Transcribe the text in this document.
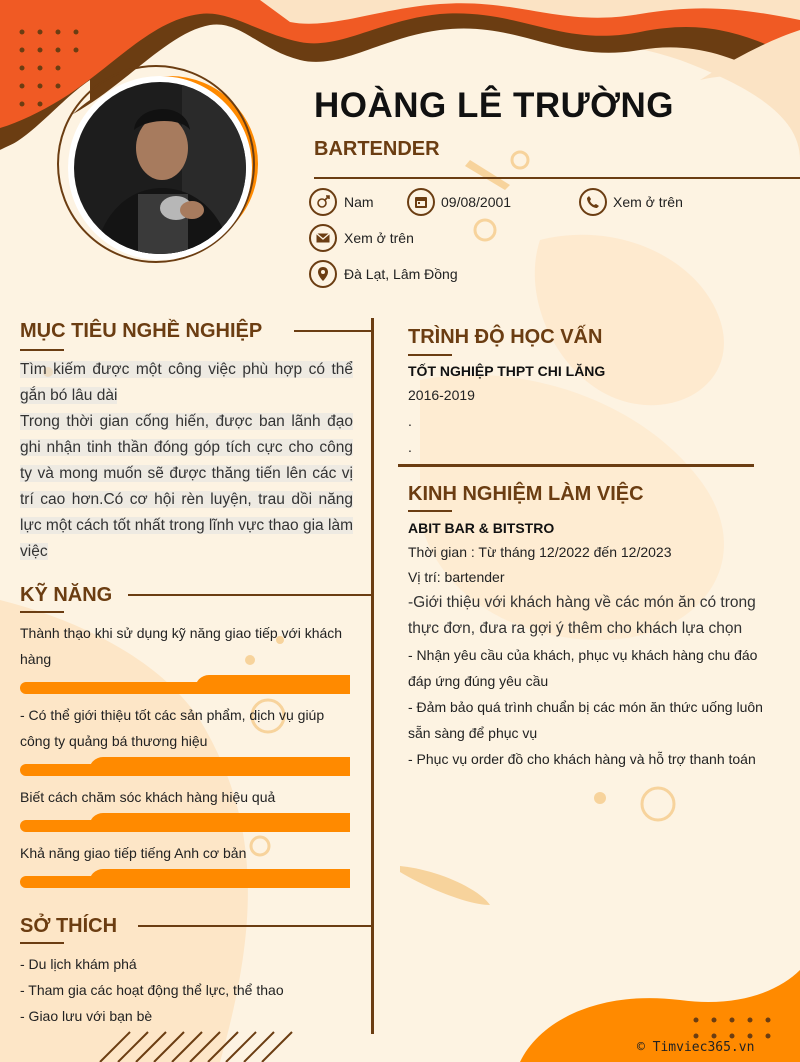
HOÀNG LÊ TRƯỜNG
BARTENDER
Nam	09/08/2001	Xem ở trên
Xem ở trên
Đà Lạt, Lâm Đồng
MỤC TIÊU NGHỀ NGHIỆP
Tìm kiếm được một công việc phù hợp có thể gắn bó lâu dài
Trong thời gian cống hiến, được ban lãnh đạo ghi nhận tinh thần đóng góp tích cực cho công ty và mong muốn sẽ được thăng tiến lên các vị trí cao hơn.Có cơ hội rèn luyện, trau dồi năng lực một cách tốt nhất trong lĩnh vực thao gia làm việc
KỸ NĂNG
Thành thạo khi sử dụng kỹ năng giao tiếp với khách hàng
- Có thể giới thiệu tốt các sản phẩm, dịch vụ giúp công ty quảng bá thương hiệu
Biết cách chăm sóc khách hàng hiệu quả
Khả năng giao tiếp tiếng Anh cơ bản
SỞ THÍCH
- Du lịch khám phá
- Tham gia các hoạt động thể lực, thể thao
- Giao lưu với bạn bè
TRÌNH ĐỘ HỌC VẤN
TỐT NGHIỆP THPT CHI LĂNG
2016-2019
.
.
KINH NGHIỆM LÀM VIỆC
ABIT BAR & BITSTRO
Thời gian : Từ tháng 12/2022 đến 12/2023
Vị trí: bartender
-Giới thiệu với khách hàng về các món ăn có trong thực đơn, đưa ra gợi ý thêm cho khách lựa chọn
- Nhận yêu cầu của khách, phục vụ khách hàng chu đáo đáp ứng đúng yêu cầu
- Đảm bảo quá trình chuẩn bị các món ăn thức uống luôn sẵn sàng để phục vụ
- Phục vụ order đồ cho khách hàng và hỗ trợ thanh toán
© Timviec365.vn
